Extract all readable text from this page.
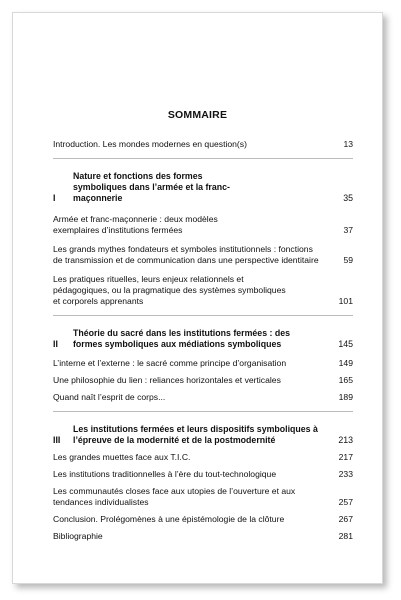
SOMMAIRE
Introduction. Les mondes modernes en question(s)	13
I
Nature et fonctions des formes symboliques dans l’armée et la franc-maçonnerie	35
Armée et franc-maçonnerie : deux modèles exemplaires d’institutions fermées	37
Les grands mythes fondateurs et symboles institutionnels : fonctions de transmission et de communication dans une perspective identitaire	59
Les pratiques rituelles, leurs enjeux relationnels et pédagogiques, ou la pragmatique des systèmes symboliques et corporels apprenants	101
II
Théorie du sacré dans les institutions fermées : des formes symboliques aux médiations symboliques	145
L’interne et l’externe : le sacré comme principe d’organisation	149
Une philosophie du lien : reliances horizontales et verticales	165
Quand naît l’esprit de corps...	189
III
Les institutions fermées et leurs dispositifs symboliques à l’épreuve de la modernité et de la postmodernité	213
Les grandes muettes face aux T.I.C.	217
Les institutions traditionnelles à l’ère du tout-technologique	233
Les communautés closes face aux utopies de l’ouverture et aux tendances individualistes	257
Conclusion. Prolégomènes à une épistémologie de la clôture	267
Bibliographie	281
